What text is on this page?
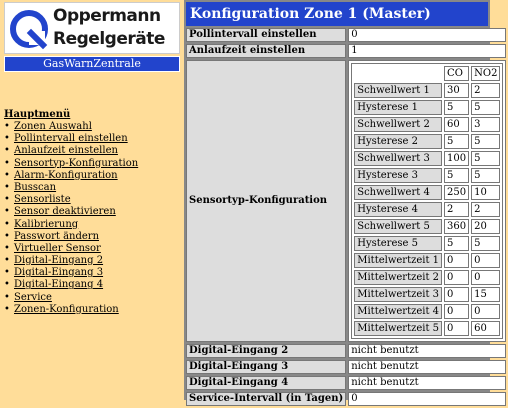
Oppermann
Regelgeräte
GasWarnZentrale
Hauptmenü
• Zonen Auswahl
• Pollintervall einstellen
• Anlaufzeit einstellen
• Sensortyp-Konfiguration
• Alarm-Konfiguration
• Busscan
• Sensorliste
• Sensor deaktivieren
• Kalibrierung
• Passwort ändern
• Virtueller Sensor
• Digital-Eingang 2
• Digital-Eingang 3
• Digital-Eingang 4
• Service
• Zonen-Konfiguration
Konfiguration Zone 1 (Master)
Pollintervall einstellen	0
Anlaufzeit einstellen	1
Sensortyp-Konfiguration	
	CO	NO2
Schwellwert 1	30	2
Hysterese 1	5	5
Schwellwert 2	60	3
Hysterese 2	5	5
Schwellwert 3	100	5
Hysterese 3	5	5
Schwellwert 4	250	10
Hysterese 4	2	2
Schwellwert 5	360	20
Hysterese 5	5	5
Mittelwertzeit 1	0	0
Mittelwertzeit 2	0	0
Mittelwertzeit 3	0	15
Mittelwertzeit 4	0	0
Mittelwertzeit 5	0	60

Digital-Eingang 2	nicht benutzt
Digital-Eingang 3	nicht benutzt
Digital-Eingang 4	nicht benutzt
Service-Intervall (in Tagen)	0
